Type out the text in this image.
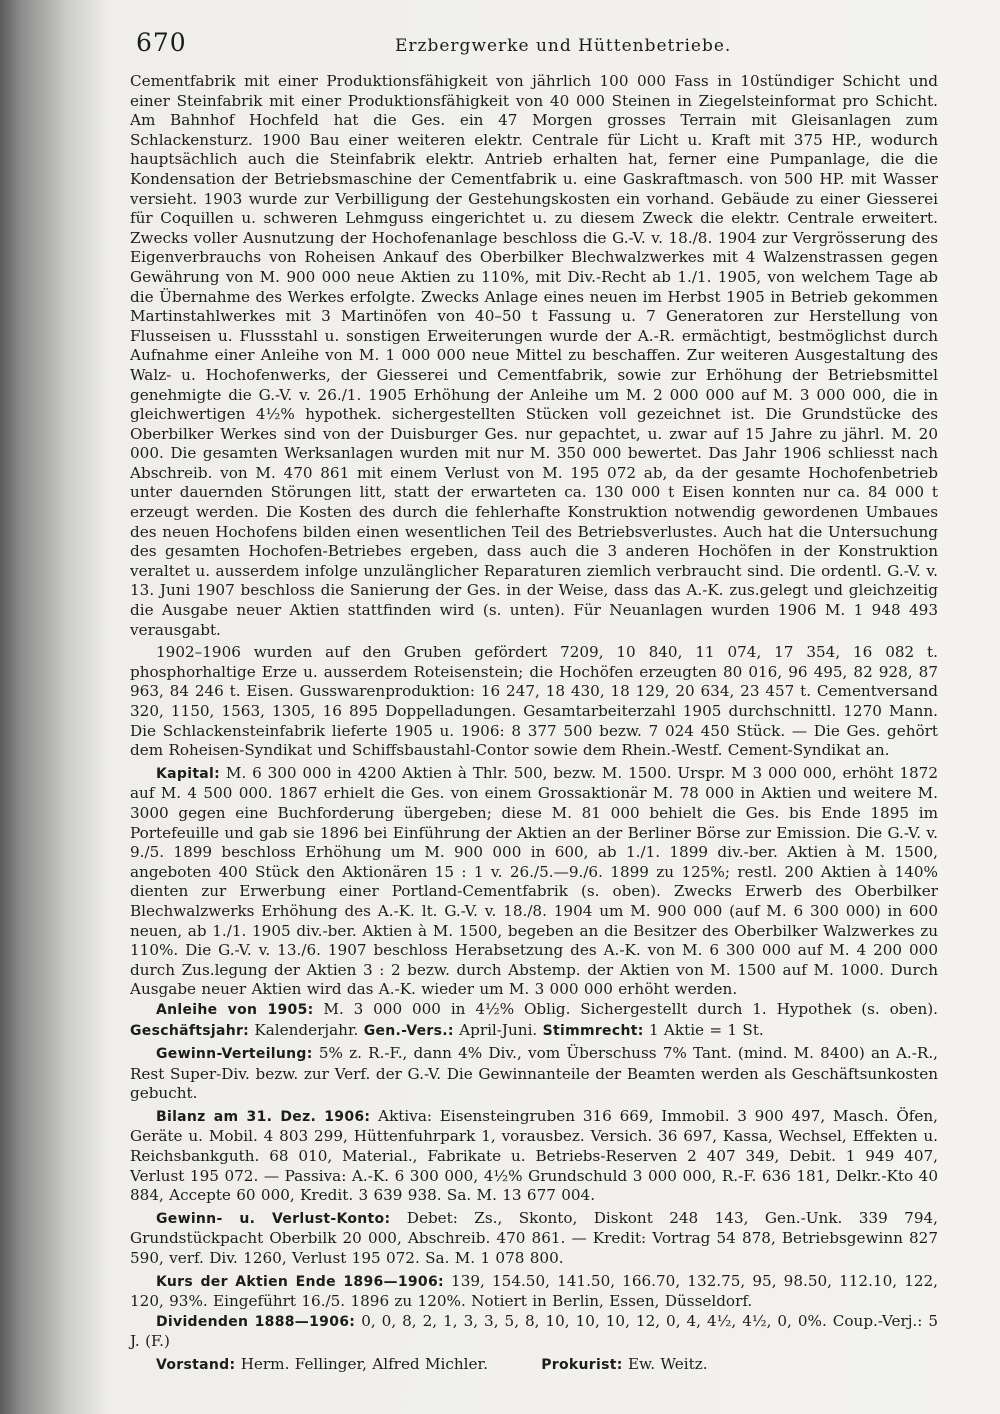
670	Erzbergwerke und Hüttenbetriebe.

Cementfabrik mit einer Produktionsfähigkeit von jährlich 100 000 Fass in 10stündiger Schicht und einer Steinfabrik mit einer Produktionsfähigkeit von 40 000 Steinen in Ziegelsteinformat pro Schicht. Am Bahnhof Hochfeld hat die Ges. ein 47 Morgen grosses Terrain mit Gleisanlagen zum Schlackensturz. 1900 Bau einer weiteren elektr. Centrale für Licht u. Kraft mit 375 HP., wodurch hauptsächlich auch die Steinfabrik elektr. Antrieb erhalten hat, ferner eine Pumpanlage, die die Kondensation der Betriebsmaschine der Cementfabrik u. eine Gaskraftmasch. von 500 HP. mit Wasser versieht. 1903 wurde zur Verbilligung der Gestehungskosten ein vorhand. Gebäude zu einer Giesserei für Coquillen u. schweren Lehmguss eingerichtet u. zu diesem Zweck die elektr. Centrale erweitert. Zwecks voller Ausnutzung der Hochofenanlage beschloss die G.-V. v. 18./8. 1904 zur Vergrösserung des Eigenverbrauchs von Roheisen Ankauf des Oberbilker Blechwalzwerkes mit 4 Walzenstrassen gegen Gewährung von M. 900 000 neue Aktien zu 110%, mit Div.-Recht ab 1./1. 1905, von welchem Tage ab die Übernahme des Werkes erfolgte. Zwecks Anlage eines neuen im Herbst 1905 in Betrieb gekommen Martinstahlwerkes mit 3 Martinöfen von 40–50 t Fassung u. 7 Generatoren zur Herstellung von Flusseisen u. Flussstahl u. sonstigen Erweiterungen wurde der A.-R. ermächtigt, bestmöglichst durch Aufnahme einer Anleihe von M. 1 000 000 neue Mittel zu beschaffen. Zur weiteren Ausgestaltung des Walz- u. Hochofenwerks, der Giesserei und Cementfabrik, sowie zur Erhöhung der Betriebsmittel genehmigte die G.-V. v. 26./1. 1905 Erhöhung der Anleihe um M. 2 000 000 auf M. 3 000 000, die in gleichwertigen 4½% hypothek. sichergestellten Stücken voll gezeichnet ist. Die Grundstücke des Oberbilker Werkes sind von der Duisburger Ges. nur gepachtet, u. zwar auf 15 Jahre zu jährl. M. 20 000. Die gesamten Werksanlagen wurden mit nur M. 350 000 bewertet. Das Jahr 1906 schliesst nach Abschreib. von M. 470 861 mit einem Verlust von M. 195 072 ab, da der gesamte Hochofenbetrieb unter dauernden Störungen litt, statt der erwarteten ca. 130 000 t Eisen konnten nur ca. 84 000 t erzeugt werden. Die Kosten des durch die fehlerhafte Konstruktion notwendig gewordenen Umbaues des neuen Hochofens bilden einen wesentlichen Teil des Betriebsverlustes. Auch hat die Untersuchung des gesamten Hochofen-Betriebes ergeben, dass auch die 3 anderen Hochöfen in der Konstruktion veraltet u. ausserdem infolge unzulänglicher Reparaturen ziemlich verbraucht sind. Die ordentl. G.-V. v. 13. Juni 1907 beschloss die Sanierung der Ges. in der Weise, dass das A.-K. zus.gelegt und gleichzeitig die Ausgabe neuer Aktien stattfinden wird (s. unten). Für Neuanlagen wurden 1906 M. 1 948 493 verausgabt.

1902–1906 wurden auf den Gruben gefördert 7209, 10 840, 11 074, 17 354, 16 082 t. phosphorhaltige Erze u. ausserdem Roteisenstein; die Hochöfen erzeugten 80 016, 96 495, 82 928, 87 963, 84 246 t. Eisen. Gusswarenproduktion: 16 247, 18 430, 18 129, 20 634, 23 457 t. Cementversand 320, 1150, 1563, 1305, 16 895 Doppelladungen. Gesamtarbeiterzahl 1905 durchschnittl. 1270 Mann. Die Schlackensteinfabrik lieferte 1905 u. 1906: 8 377 500 bezw. 7 024 450 Stück. — Die Ges. gehört dem Roheisen-Syndikat und Schiffsbaustahl-Contor sowie dem Rhein.-Westf. Cement-Syndikat an.

Kapital: M. 6 300 000 in 4200 Aktien à Thlr. 500, bezw. M. 1500. Urspr. M 3 000 000, erhöht 1872 auf M. 4 500 000. 1867 erhielt die Ges. von einem Grossaktionär M. 78 000 in Aktien und weitere M. 3000 gegen eine Buchforderung übergeben; diese M. 81 000 behielt die Ges. bis Ende 1895 im Portefeuille und gab sie 1896 bei Einführung der Aktien an der Berliner Börse zur Emission. Die G.-V. v. 9./5. 1899 beschloss Erhöhung um M. 900 000 in 600, ab 1./1. 1899 div.-ber. Aktien à M. 1500, angeboten 400 Stück den Aktionären 15 : 1 v. 26./5.—9./6. 1899 zu 125%; restl. 200 Aktien à 140% dienten zur Erwerbung einer Portland-Cementfabrik (s. oben). Zwecks Erwerb des Oberbilker Blechwalzwerks Erhöhung des A.-K. lt. G.-V. v. 18./8. 1904 um M. 900 000 (auf M. 6 300 000) in 600 neuen, ab 1./1. 1905 div.-ber. Aktien à M. 1500, begeben an die Besitzer des Oberbilker Walzwerkes zu 110%. Die G.-V. v. 13./6. 1907 beschloss Herabsetzung des A.-K. von M. 6 300 000 auf M. 4 200 000 durch Zus.legung der Aktien 3 : 2 bezw. durch Abstemp. der Aktien von M. 1500 auf M. 1000. Durch Ausgabe neuer Aktien wird das A.-K. wieder um M. 3 000 000 erhöht werden.

Anleihe von 1905: M. 3 000 000 in 4½% Oblig. Sichergestellt durch 1. Hypothek (s. oben). Geschäftsjahr: Kalenderjahr. Gen.-Vers.: April-Juni. Stimmrecht: 1 Aktie = 1 St.

Gewinn-Verteilung: 5% z. R.-F., dann 4% Div., vom Überschuss 7% Tant. (mind. M. 8400) an A.-R., Rest Super-Div. bezw. zur Verf. der G.-V. Die Gewinnanteile der Beamten werden als Geschäftsunkosten gebucht.

Bilanz am 31. Dez. 1906: Aktiva: Eisensteingruben 316 669, Immobil. 3 900 497, Masch. Öfen, Geräte u. Mobil. 4 803 299, Hüttenfuhrpark 1, vorausbez. Versich. 36 697, Kassa, Wechsel, Effekten u. Reichsbankguth. 68 010, Material., Fabrikate u. Betriebs-Reserven 2 407 349, Debit. 1 949 407, Verlust 195 072. — Passiva: A.-K. 6 300 000, 4½% Grundschuld 3 000 000, R.-F. 636 181, Delkr.-Kto 40 884, Accepte 60 000, Kredit. 3 639 938. Sa. M. 13 677 004.

Gewinn- u. Verlust-Konto: Debet: Zs., Skonto, Diskont 248 143, Gen.-Unk. 339 794, Grundstückpacht Oberbilk 20 000, Abschreib. 470 861. — Kredit: Vortrag 54 878, Betriebsgewinn 827 590, verf. Div. 1260, Verlust 195 072. Sa. M. 1 078 800.

Kurs der Aktien Ende 1896—1906: 139, 154.50, 141.50, 166.70, 132.75, 95, 98.50, 112.10, 122, 120, 93%. Eingeführt 16./5. 1896 zu 120%. Notiert in Berlin, Essen, Düsseldorf.

Dividenden 1888—1906: 0, 0, 8, 2, 1, 3, 3, 5, 8, 10, 10, 10, 12, 0, 4, 4½, 4½, 0, 0%. Coup.-Verj.: 5 J. (F.)

Vorstand: Herm. Fellinger, Alfred Michler.	Prokurist: Ew. Weitz.
